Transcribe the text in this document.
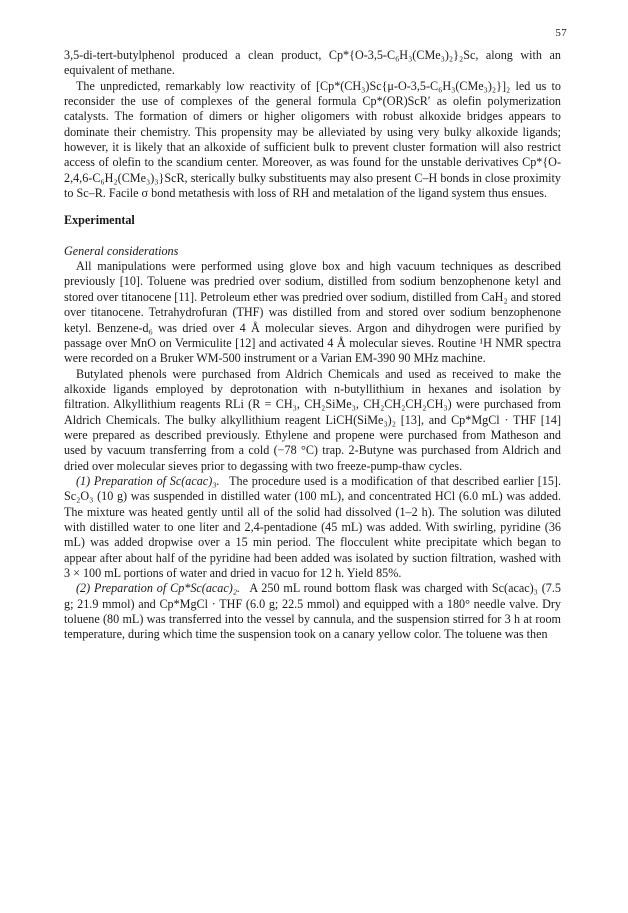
57

3,5-di-tert-butylphenol produced a clean product, Cp*{O-3,5-C₆H₃(CMe₃)₂}₂Sc, along with an equivalent of methane.

The unpredicted, remarkably low reactivity of [Cp*(CH₃)Sc{μ-O-3,5-C₆H₃(CMe₃)₂}]₂ led us to reconsider the use of complexes of the general formula Cp*(OR)ScR′ as olefin polymerization catalysts. The formation of dimers or higher oligomers with robust alkoxide bridges appears to dominate their chemistry. This propensity may be alleviated by using very bulky alkoxide ligands; however, it is likely that an alkoxide of sufficient bulk to prevent cluster formation will also restrict access of olefin to the scandium center. Moreover, as was found for the unstable derivatives Cp*{O-2,4,6-C₆H₂(CMe₃)₃}ScR, sterically bulky substituents may also present C–H bonds in close proximity to Sc–R. Facile σ bond metathesis with loss of RH and metalation of the ligand system thus ensues.

Experimental
General considerations

All manipulations were performed using glove box and high vacuum techniques as described previously [10]. Toluene was predried over sodium, distilled from sodium benzophenone ketyl and stored over titanocene [11]. Petroleum ether was predried over sodium, distilled from CaH₂ and stored over titanocene. Tetrahydrofuran (THF) was distilled from and stored over sodium benzophenone ketyl. Benzene-d₆ was dried over 4 Å molecular sieves. Argon and dihydrogen were purified by passage over MnO on Vermiculite [12] and activated 4 Å molecular sieves. Routine ¹H NMR spectra were recorded on a Bruker WM-500 instrument or a Varian EM-390 90 MHz machine.

Butylated phenols were purchased from Aldrich Chemicals and used as received to make the alkoxide ligands employed by deprotonation with n-butyllithium in hexanes and isolation by filtration. Alkyllithium reagents RLi (R = CH₃, CH₂SiMe₃, CH₂CH₂CH₂CH₃) were purchased from Aldrich Chemicals. The bulky alkyllithium reagent LiCH(SiMe₃)₂ [13], and Cp*MgCl · THF [14] were prepared as described previously. Ethylene and propene were purchased from Matheson and used by vacuum transferring from a cold (−78 °C) trap. 2-Butyne was purchased from Aldrich and dried over molecular sieves prior to degassing with two freeze-pump-thaw cycles.

(1) Preparation of Sc(acac)₃.  The procedure used is a modification of that described earlier [15]. Sc₂O₃ (10 g) was suspended in distilled water (100 mL), and concentrated HCl (6.0 mL) was added. The mixture was heated gently until all of the solid had dissolved (1–2 h). The solution was diluted with distilled water to one liter and 2,4-pentadione (45 mL) was added. With swirling, pyridine (36 mL) was added dropwise over a 15 min period. The flocculent white precipitate which began to appear after about half of the pyridine had been added was isolated by suction filtration, washed with 3 × 100 mL portions of water and dried in vacuo for 12 h. Yield 85%.

(2) Preparation of Cp*Sc(acac)₂.  A 250 mL round bottom flask was charged with Sc(acac)₃ (7.5 g; 21.9 mmol) and Cp*MgCl · THF (6.0 g; 22.5 mmol) and equipped with a 180° needle valve. Dry toluene (80 mL) was transferred into the vessel by cannula, and the suspension stirred for 3 h at room temperature, during which time the suspension took on a canary yellow color. The toluene was then
